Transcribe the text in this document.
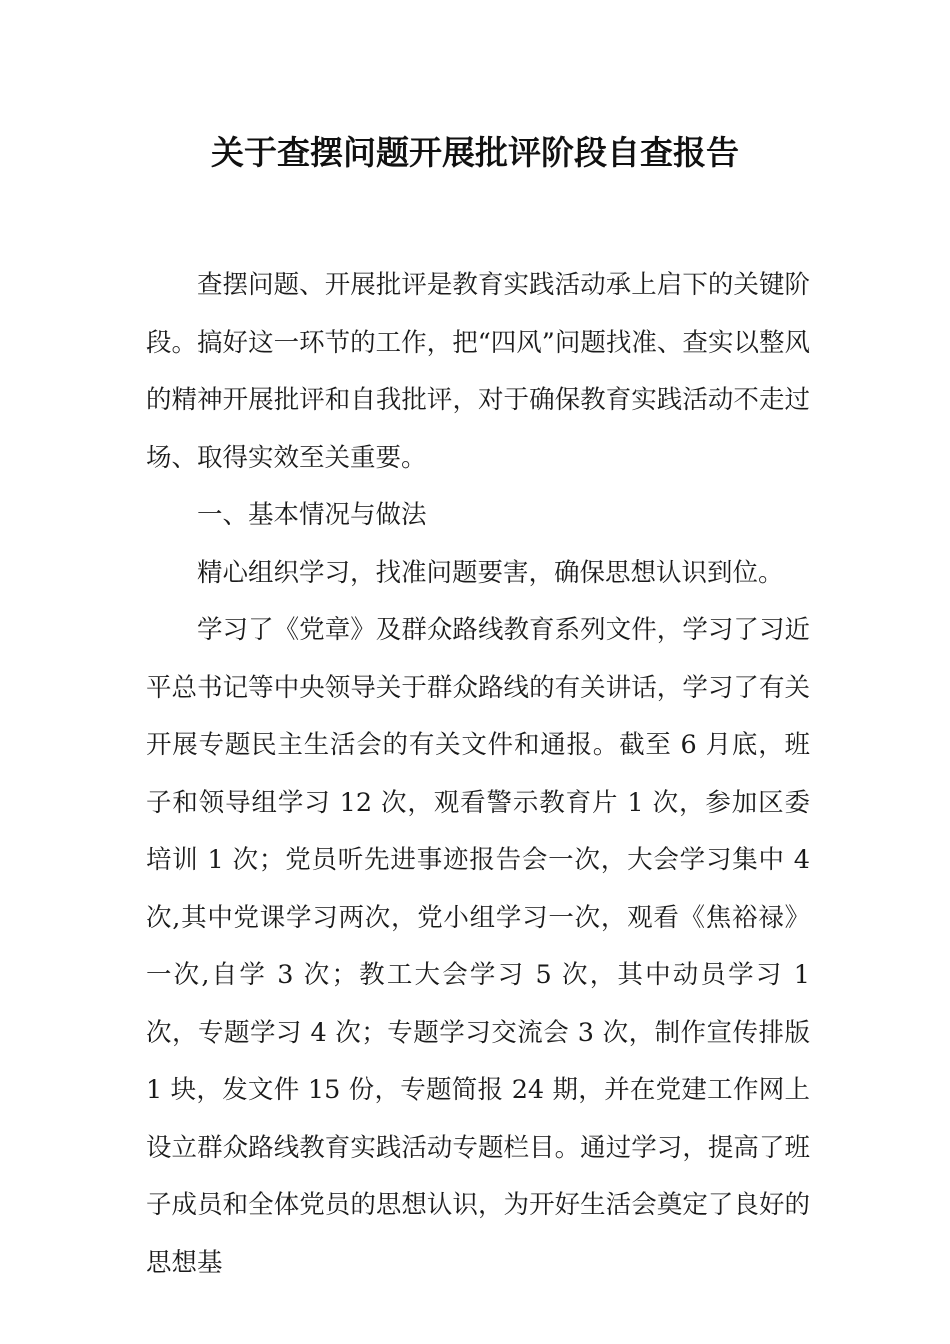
关于查摆问题开展批评阶段自查报告

查摆问题、开展批评是教育实践活动承上启下的关键阶段。搞好这一环节的工作，把“四风”问题找准、查实以整风的精神开展批评和自我批评，对于确保教育实践活动不走过场、取得实效至关重要。

一、基本情况与做法

精心组织学习，找准问题要害，确保思想认识到位。

学习了《党章》及群众路线教育系列文件，学习了习近平总书记等中央领导关于群众路线的有关讲话，学习了有关开展专题民主生活会的有关文件和通报。截至 6 月底，班子和领导组学习 12 次，观看警示教育片 1 次，参加区委培训 1 次；党员听先进事迹报告会一次，大会学习集中 4 次,其中党课学习两次，党小组学习一次，观看《焦裕禄》一次,自学 3 次；教工大会学习 5 次，其中动员学习 1 次，专题学习 4 次；专题学习交流会 3 次，制作宣传排版 1 块，发文件 15 份，专题简报 24 期，并在党建工作网上设立群众路线教育实践活动专题栏目。通过学习，提高了班子成员和全体党员的思想认识，为开好生活会奠定了良好的思想基
